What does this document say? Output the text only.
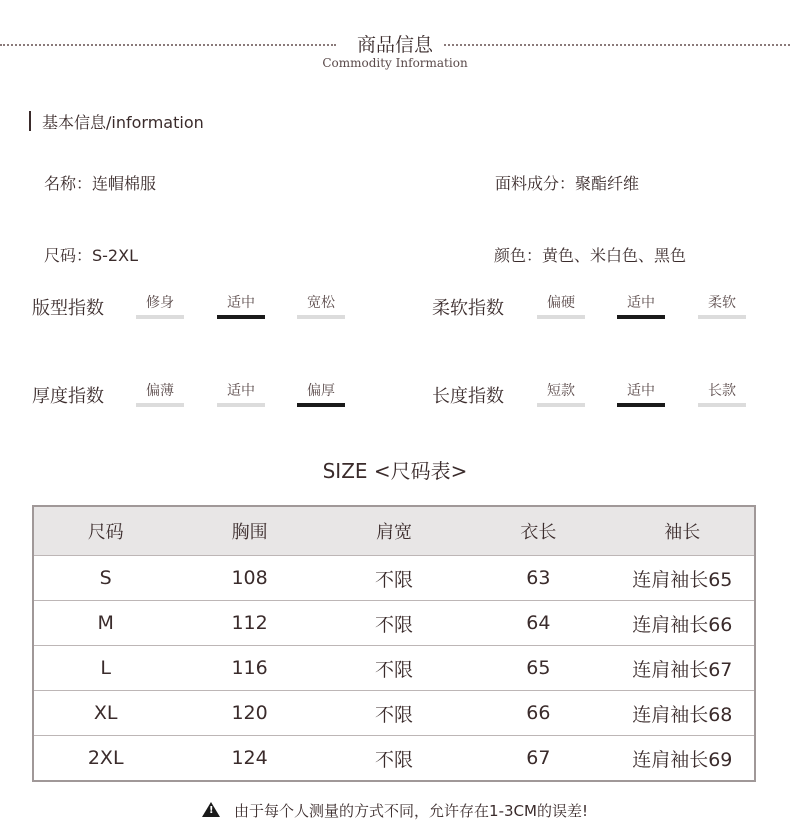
商品信息
Commodity Information
基本信息/information
名称：连帽棉服	面料成分：聚酯纤维
尺码：S-2XL	颜色：黄色、米白色、黑色
版型指数	修身	适中	宽松	柔软指数	偏硬	适中	柔软
厚度指数	偏薄	适中	偏厚	长度指数	短款	适中	长款
SIZE <尺码表>
尺码	胸围	肩宽	衣长	袖长
S	108	不限	63	连肩袖长65
M	112	不限	64	连肩袖长66
L	116	不限	65	连肩袖长67
XL	120	不限	66	连肩袖长68
2XL	124	不限	67	连肩袖长69
!由于每个人测量的方式不同，允许存在1-3CM的误差!
